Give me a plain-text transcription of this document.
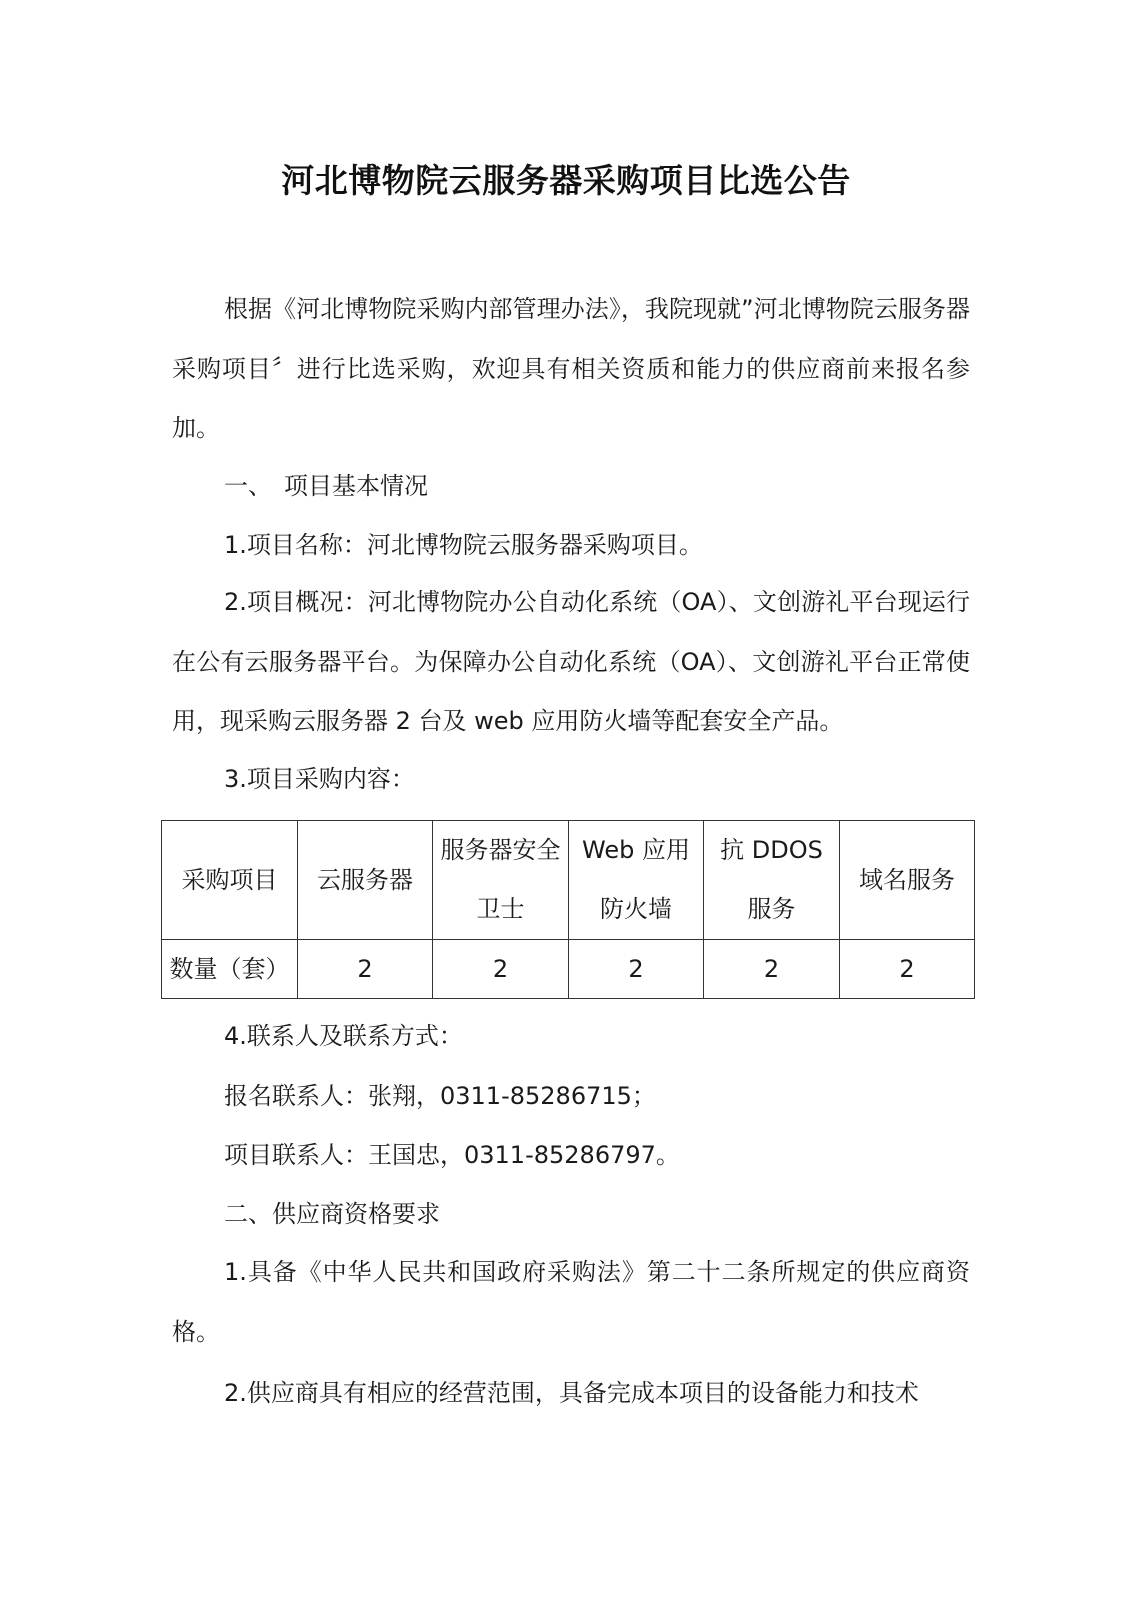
河北博物院云服务器采购项目比选公告
根据《河北博物院采购内部管理办法》，我院现就”河北博物院云服务器采购项目〞进行比选采购，欢迎具有相关资质和能力的供应商前来报名参加。
一、　项目基本情况
1.项目名称：河北博物院云服务器采购项目。
2.项目概况：河北博物院办公自动化系统（OA）、文创游礼平台现运行在公有云服务器平台。为保障办公自动化系统（OA）、文创游礼平台正常使用，现采购云服务器 2 台及 web 应用防火墙等配套安全产品。
3.项目采购内容：
采购项目	云服务器	服务器安全卫士	Web 应用防火墙	抗 DDOS 服务	域名服务
数量（套）	2	2	2	2	2
4.联系人及联系方式：
报名联系人：张翔，0311-85286715；
项目联系人：王国忠，0311-85286797。
二、供应商资格要求
1.具备《中华人民共和国政府采购法》第二十二条所规定的供应商资格。
2.供应商具有相应的经营范围，具备完成本项目的设备能力和技术
